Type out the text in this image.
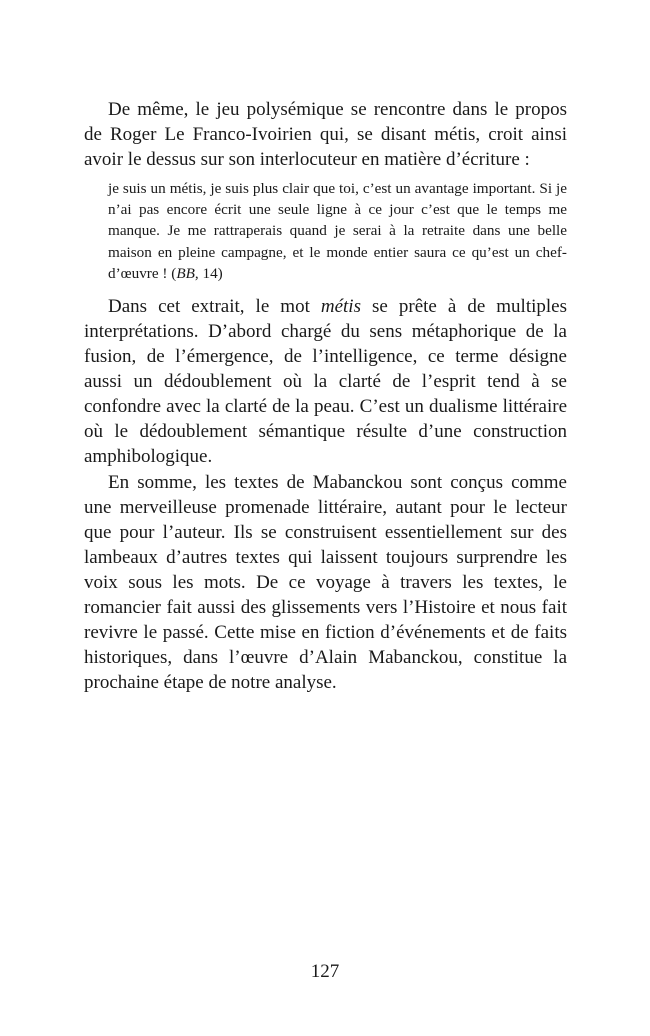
De même, le jeu polysémique se rencontre dans le propos de Roger Le Franco-Ivoirien qui, se disant métis, croit ainsi avoir le dessus sur son interlocuteur en matière d’écriture :

je suis un métis, je suis plus clair que toi, c’est un avantage important. Si je n’ai pas encore écrit une seule ligne à ce jour c’est que le temps me manque. Je me rattraperais quand je serai à la retraite dans une belle maison en pleine campagne, et le monde entier saura ce qu’est un chef-d’œuvre ! (BB, 14)

Dans cet extrait, le mot métis se prête à de multiples interprétations. D’abord chargé du sens métaphorique de la fusion, de l’émergence, de l’intelligence, ce terme désigne aussi un dédoublement où la clarté de l’esprit tend à se confondre avec la clarté de la peau. C’est un dualisme littéraire où le dédoublement sémantique résulte d’une construction amphibologique.

En somme, les textes de Mabanckou sont conçus comme une merveilleuse promenade littéraire, autant pour le lecteur que pour l’auteur. Ils se construisent essentiellement sur des lambeaux d’autres textes qui laissent toujours surprendre les voix sous les mots. De ce voyage à travers les textes, le romancier fait aussi des glissements vers l’Histoire et nous fait revivre le passé. Cette mise en fiction d’événements et de faits historiques, dans l’œuvre d’Alain Mabanckou, constitue la prochaine étape de notre analyse.

127
